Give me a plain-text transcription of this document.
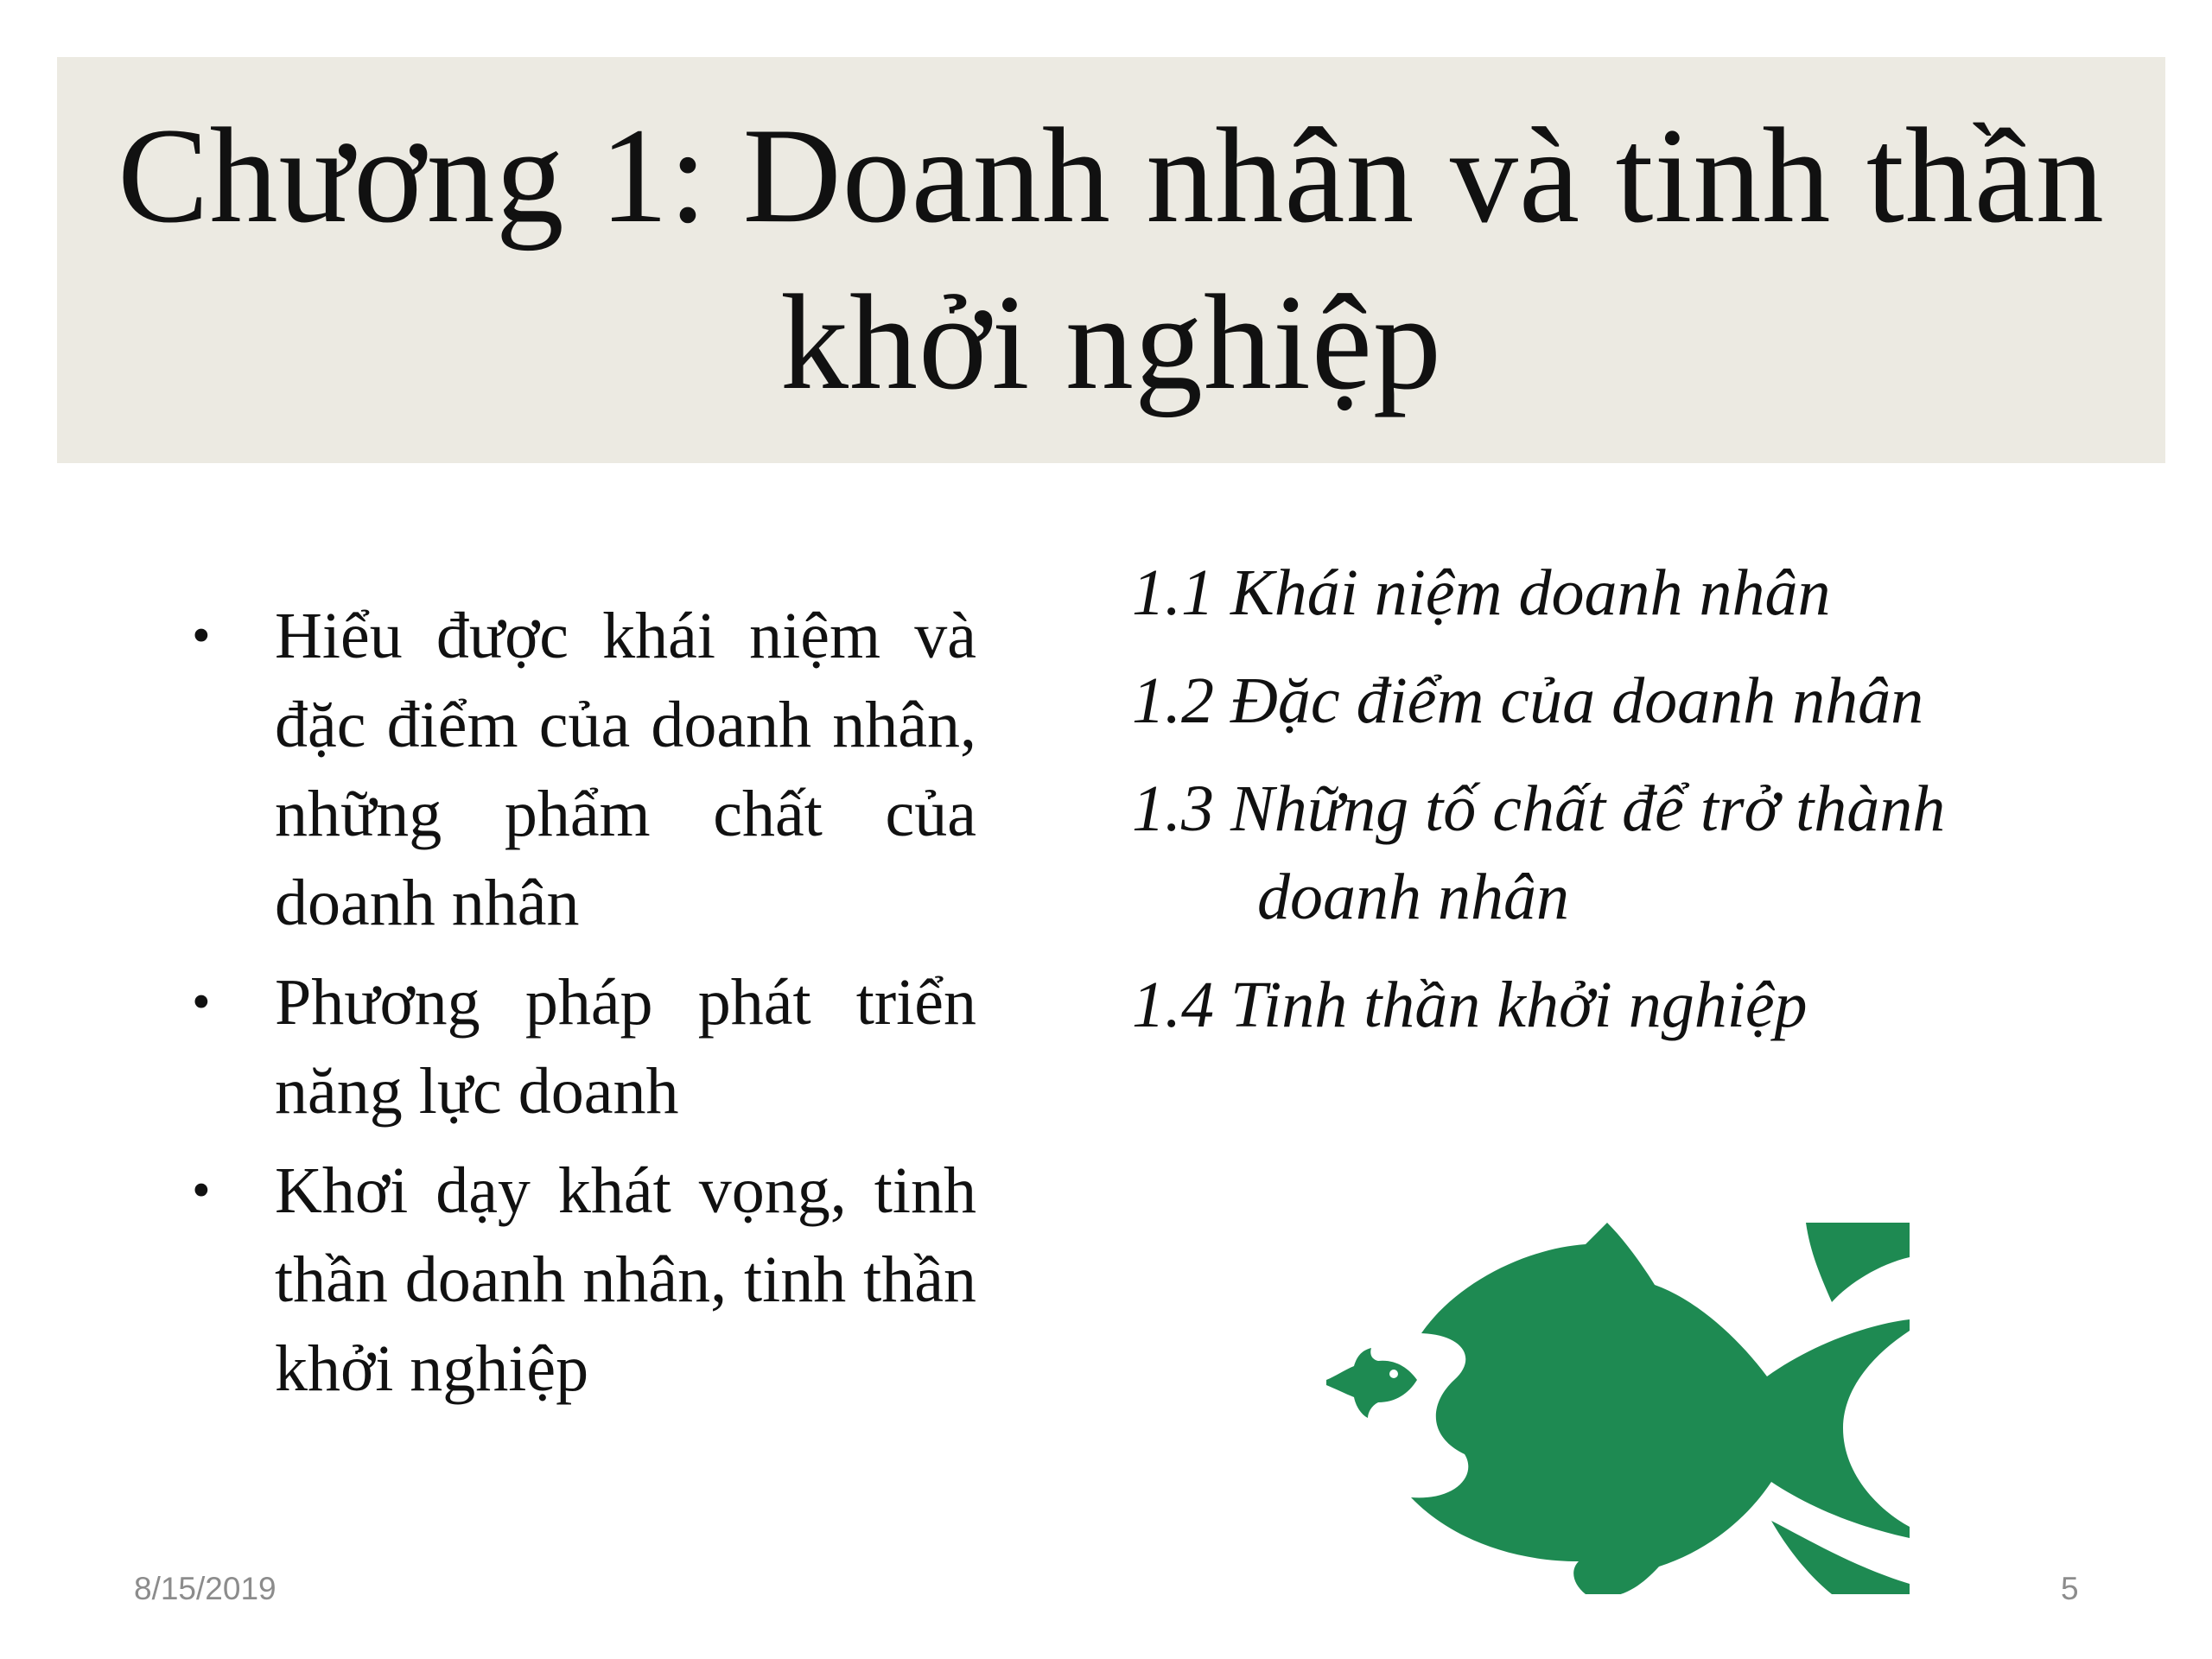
Chương 1: Doanh nhân và tinh thần khởi nghiệp
• Hiểu được khái niệm và đặc điểm của doanh nhân, những phẩm chất của doanh nhân
• Phương pháp phát triển năng lực doanh
• Khơi dạy khát vọng, tinh thần doanh nhân, tinh thần khởi nghiệp
1.1 Khái niệm doanh nhân
1.2 Đặc điểm của doanh nhân
1.3 Những tố chất để trở thành doanh nhân
1.4 Tinh thần khởi nghiệp
8/15/2019	5
